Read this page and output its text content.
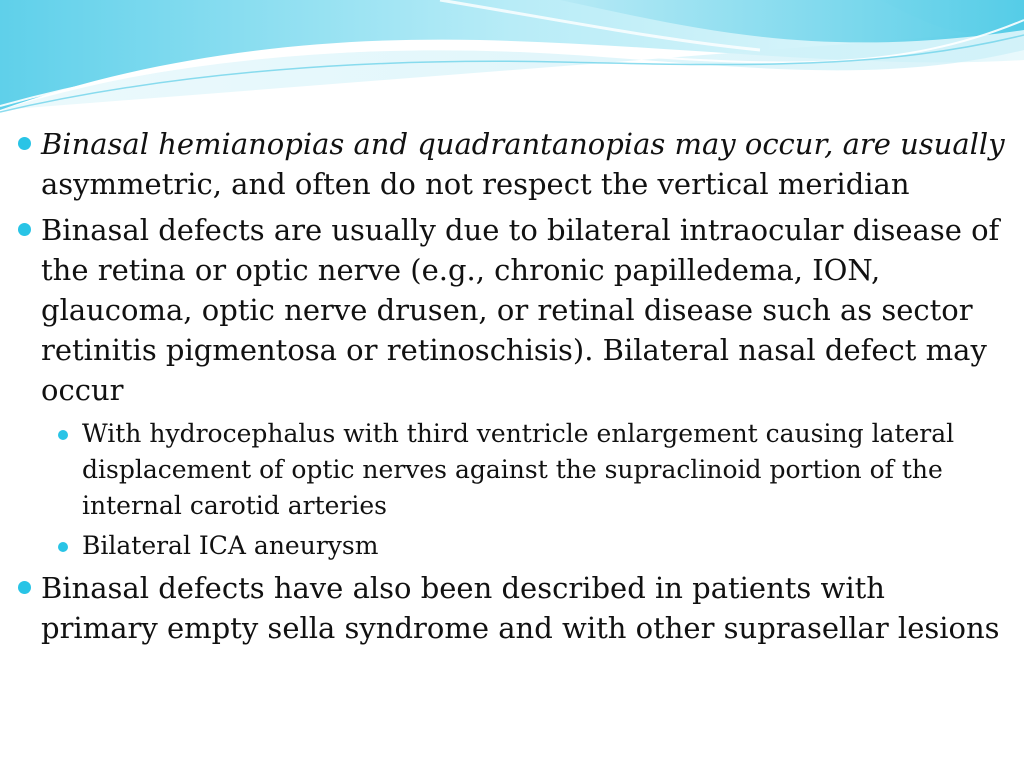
Binasal hemianopias and quadrantanopias may occur, are usually asymmetric, and often do not respect the vertical meridian
Binasal defects are usually due to bilateral intraocular disease of the retina or optic nerve (e.g., chronic papilledema, ION, glaucoma, optic nerve drusen, or retinal disease such as sector retinitis pigmentosa or retinoschisis). Bilateral nasal defect may occur
With hydrocephalus with third ventricle enlargement causing lateral displacement of optic nerves against the supraclinoid portion of the internal carotid arteries
Bilateral ICA aneurysm
Binasal defects have also been described in patients with primary empty sella syndrome and with other suprasellar lesions
